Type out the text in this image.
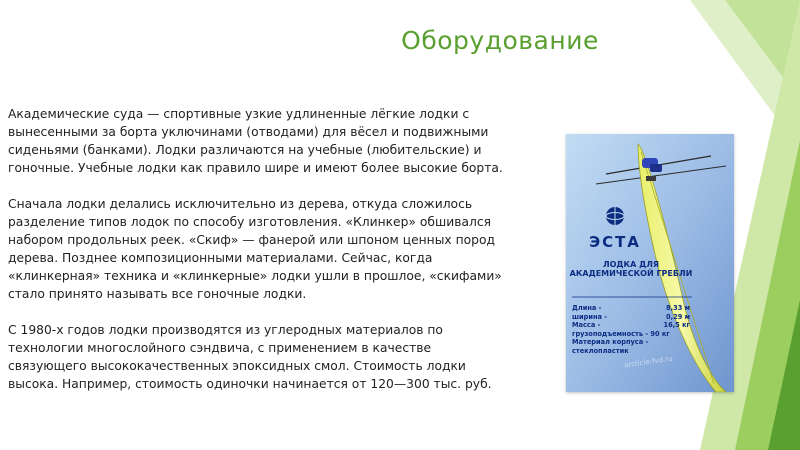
Оборудование

Академические суда — спортивные узкие удлиненные лёгкие лодки с вынесенными за борта уключинами (отводами) для вёсел и подвижными сиденьями (банками). Лодки различаются на учебные (любительские) и гоночные. Учебные лодки как правило шире и имеют более высокие борта.

Сначала лодки делались исключительно из дерева, откуда сложилось разделение типов лодок по способу изготовления. «Клинкер» обшивался набором продольных реек. «Скиф» — фанерой или шпоном ценных пород дерева. Позднее композиционными материалами. Сейчас, когда «клинкерная» техника и «клинкерные» лодки ушли в прошлое, «скифами» стало принято называть все гоночные лодки.

С 1980-х годов лодки производятся из углеродных материалов по технологии многослойного сэндвича, с применением в качестве связующего высококачественных эпоксидных смол. Стоимость лодки высока. Например, стоимость одиночки начинается от 120—300 тыс. руб.

ЭСТА
ЛОДКА ДЛЯ
АКАДЕМИЧЕСКОЙ ГРЕБЛИ
Длина -	8,33 м
ширина -	0,29 м
Масса -	16,5 кг
грузоподъемность - 90 кг
Материал корпуса -
стеклопластик
arcticle-fvd.ru
